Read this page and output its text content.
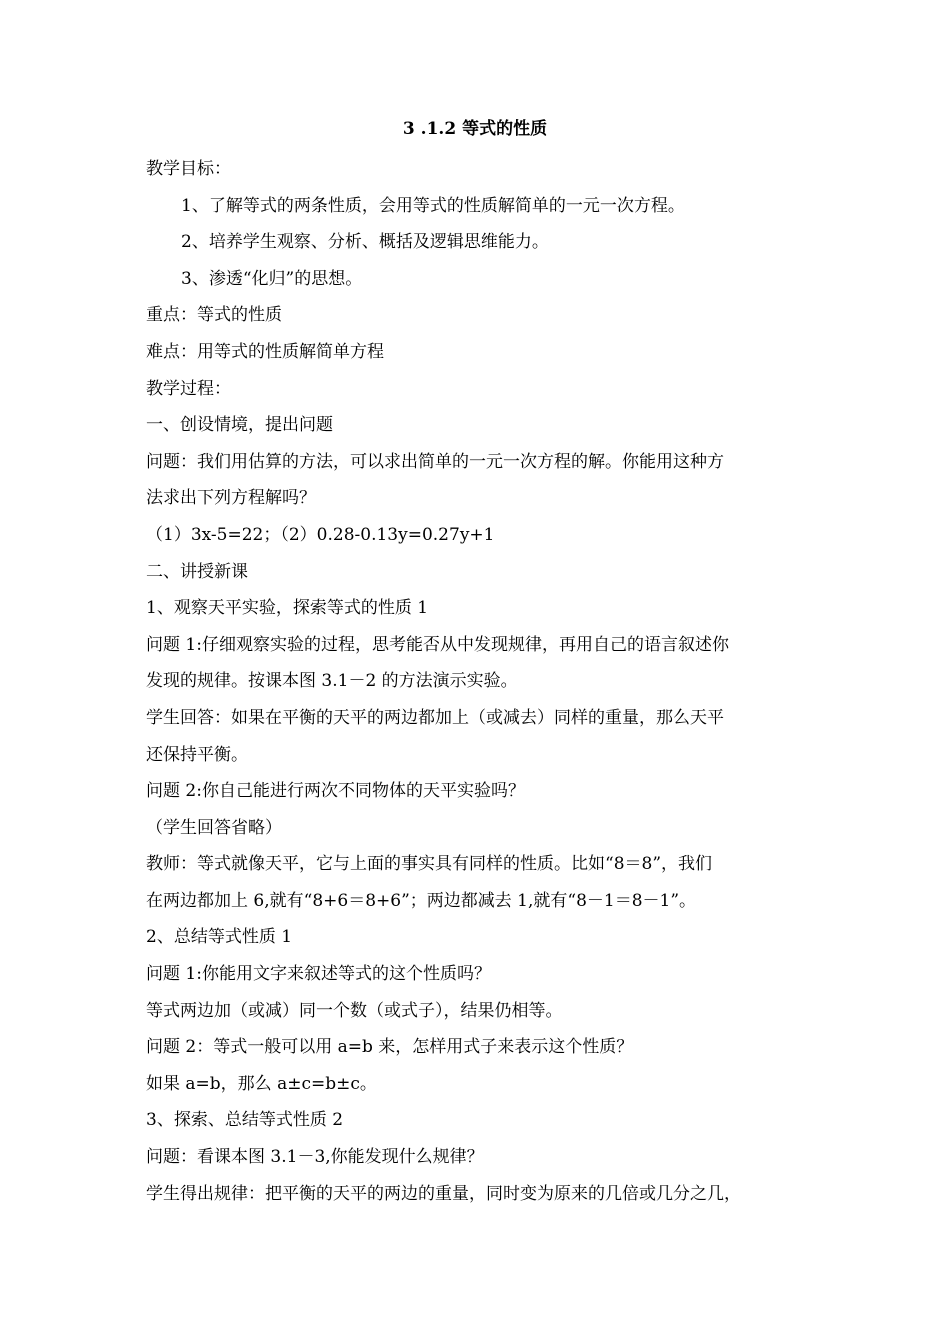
3 .1.2 等式的性质
教学目标：
1、了解等式的两条性质，会用等式的性质解简单的一元一次方程。
2、培养学生观察、分析、概括及逻辑思维能力。
3、渗透“化归”的思想。
重点：等式的性质
难点：用等式的性质解简单方程
教学过程：
一、创设情境，提出问题
问题：我们用估算的方法，可以求出简单的一元一次方程的解。你能用这种方
法求出下列方程解吗？
（1）3x-5=22；（2）0.28-0.13y=0.27y+1
二、讲授新课
1、观察天平实验，探索等式的性质 1
问题 1:仔细观察实验的过程，思考能否从中发现规律，再用自己的语言叙述你
发现的规律。按课本图 3.1－2 的方法演示实验。
学生回答：如果在平衡的天平的两边都加上（或减去）同样的重量，那么天平
还保持平衡。
问题 2:你自己能进行两次不同物体的天平实验吗？
（学生回答省略）
教师：等式就像天平，它与上面的事实具有同样的性质。比如“8＝8”，我们
在两边都加上 6,就有“8+6＝8+6”；两边都减去 1,就有“8－1＝8－1”。
2、总结等式性质 1
问题 1:你能用文字来叙述等式的这个性质吗？
等式两边加（或减）同一个数（或式子），结果仍相等。
问题 2：等式一般可以用 a=b 来，怎样用式子来表示这个性质？
如果 a=b，那么 a±c=b±c。
3、探索、总结等式性质 2
问题：看课本图 3.1－3,你能发现什么规律？
学生得出规律：把平衡的天平的两边的重量，同时变为原来的几倍或几分之几，
